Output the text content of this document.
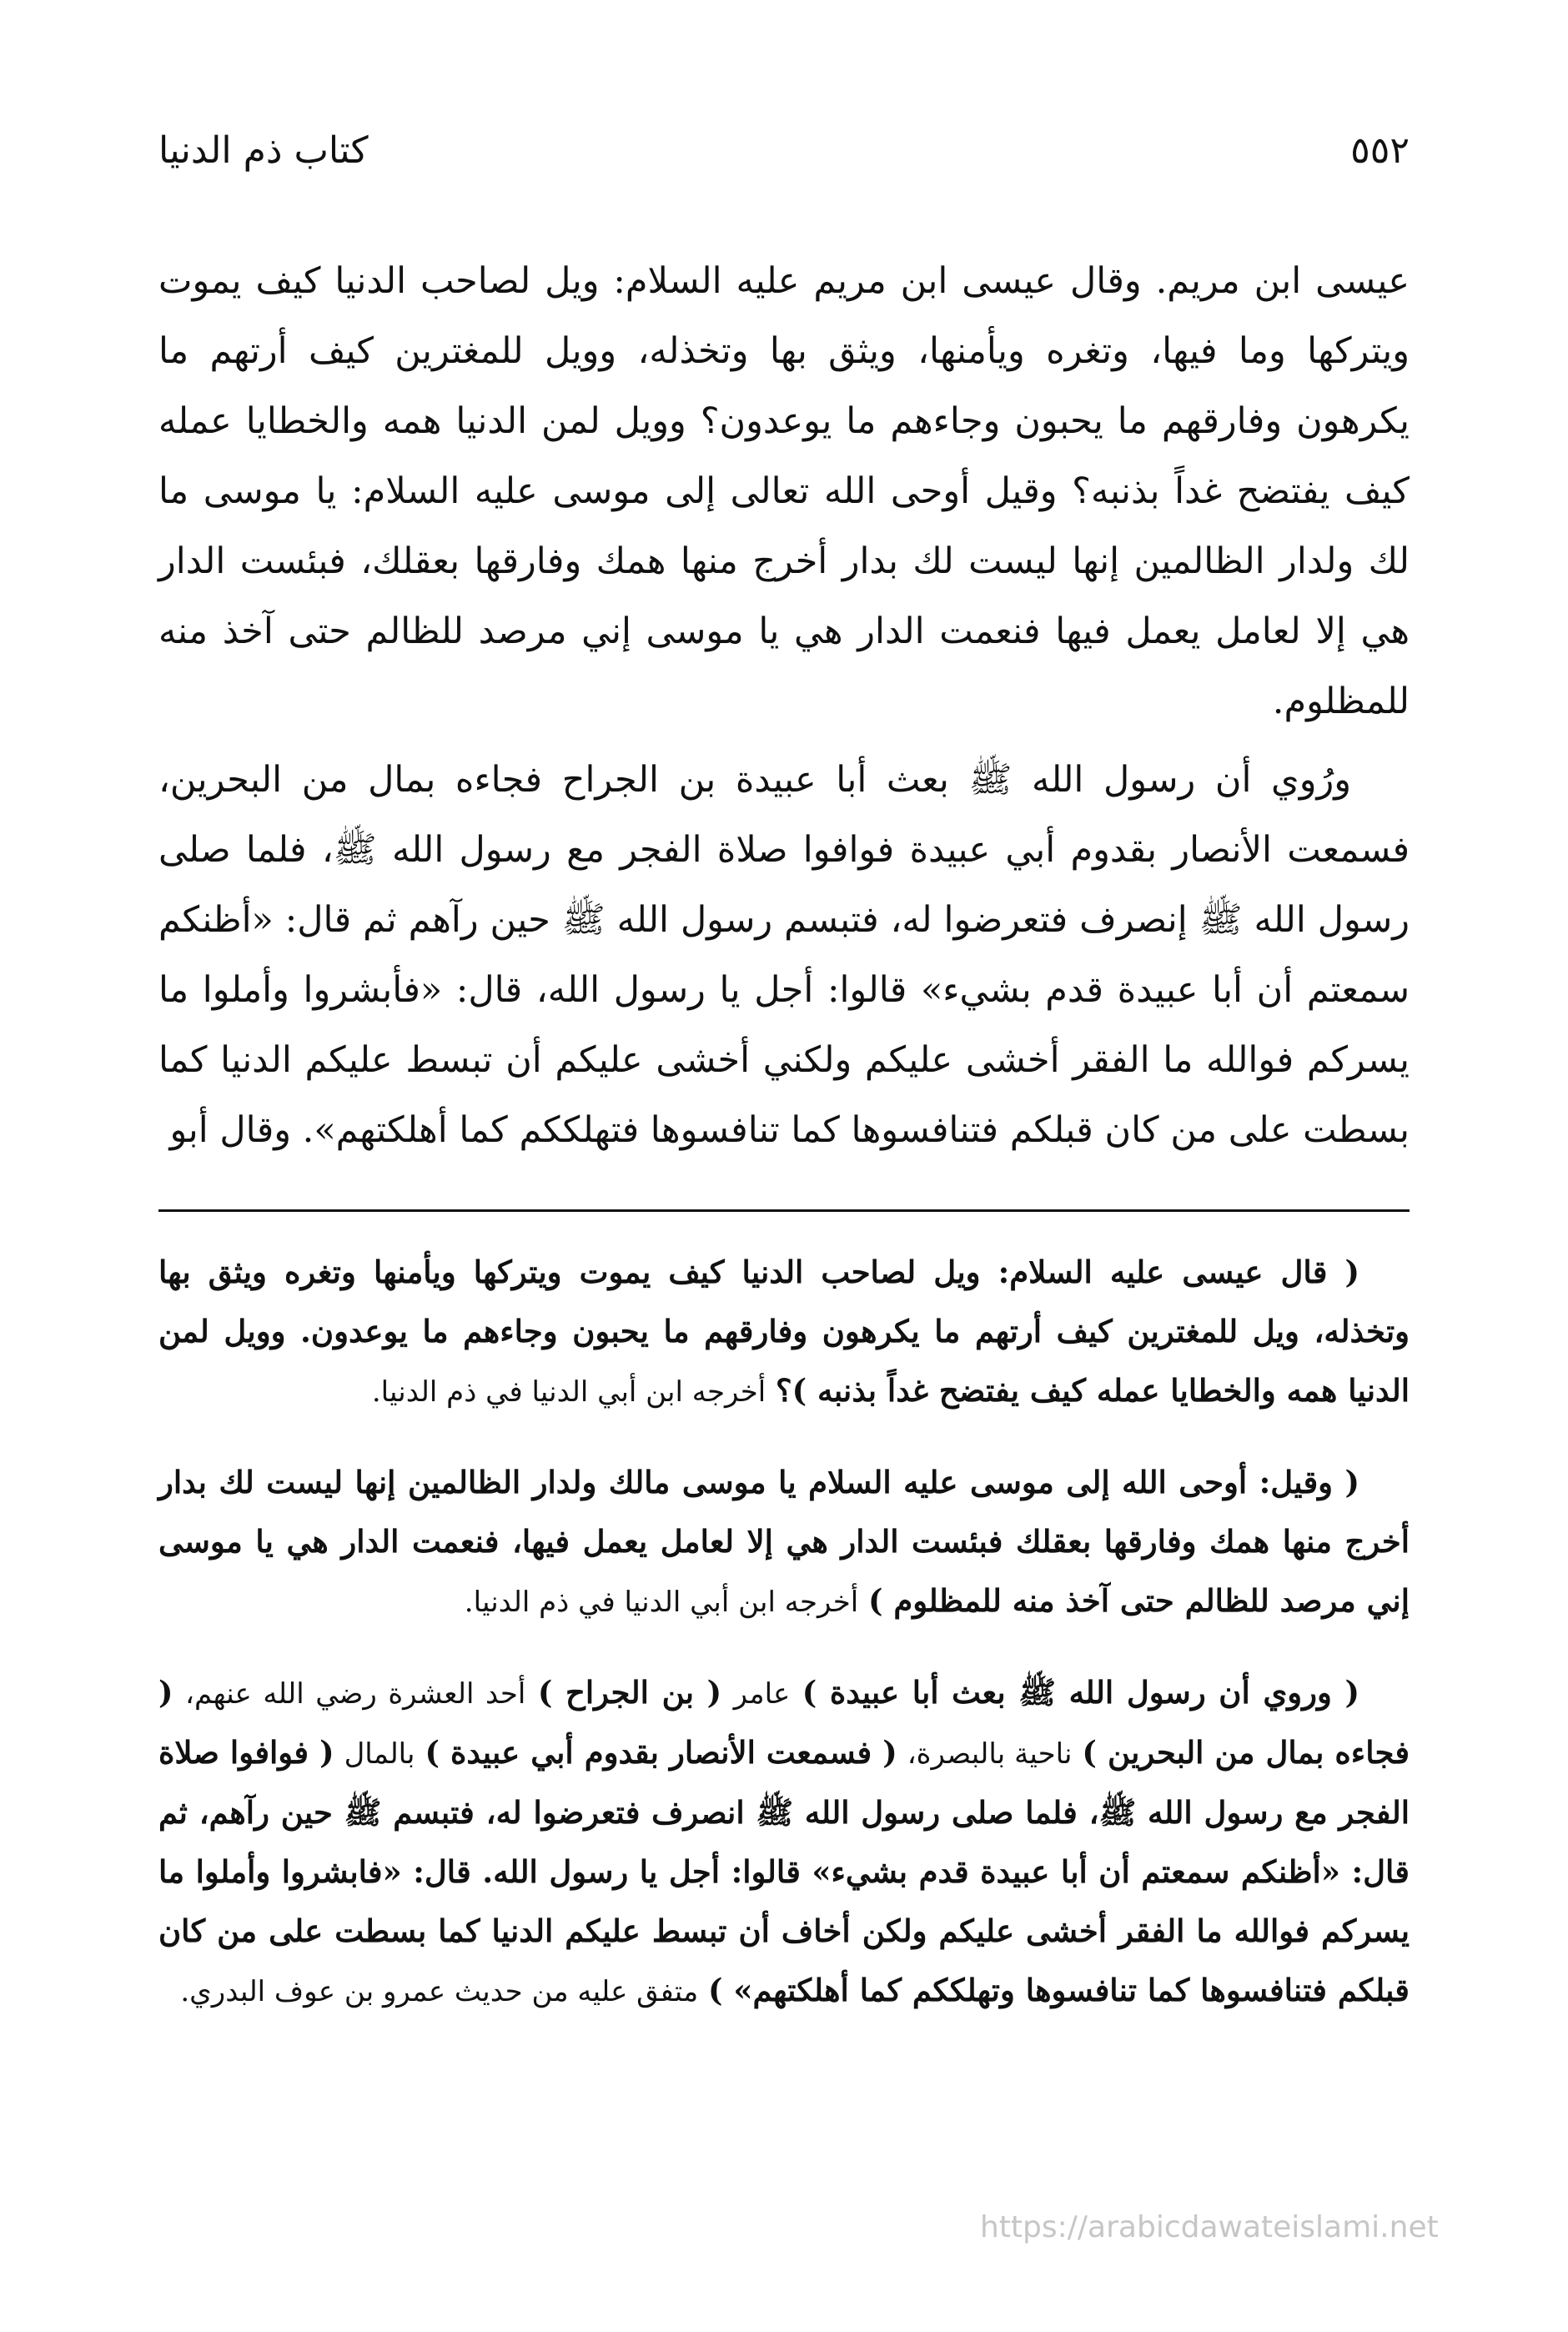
٥٥٢
كتاب ذم الدنيا

عيسى ابن مريم. وقال عيسى ابن مريم عليه السلام: ويل لصاحب الدنيا كيف يموت ويتركها وما فيها، وتغره ويأمنها، ويثق بها وتخذله، وويل للمغترين كيف أرتهم ما يكرهون وفارقهم ما يحبون وجاءهم ما يوعدون؟ وويل لمن الدنيا همه والخطايا عمله كيف يفتضح غداً بذنبه؟ وقيل أوحى الله تعالى إلى موسى عليه السلام: يا موسى ما لك ولدار الظالمين إنها ليست لك بدار أخرج منها همك وفارقها بعقلك، فبئست الدار هي إلا لعامل يعمل فيها فنعمت الدار هي يا موسى إني مرصد للظالم حتى آخذ منه للمظلوم.

ورُوي أن رسول الله ﷺ بعث أبا عبيدة بن الجراح فجاءه بمال من البحرين، فسمعت الأنصار بقدوم أبي عبيدة فوافوا صلاة الفجر مع رسول الله ﷺ، فلما صلى رسول الله ﷺ إنصرف فتعرضوا له، فتبسم رسول الله ﷺ حين رآهم ثم قال: «أظنكم سمعتم أن أبا عبيدة قدم بشيء» قالوا: أجل يا رسول الله، قال: «فأبشروا وأملوا ما يسركم فوالله ما الفقر أخشى عليكم ولكني أخشى عليكم أن تبسط عليكم الدنيا كما بسطت على من كان قبلكم فتنافسوها كما تنافسوها فتهلككم كما أهلكتهم». وقال أبو

( قال عيسى عليه السلام: ويل لصاحب الدنيا كيف يموت ويتركها ويأمنها وتغره ويثق بها وتخذله، ويل للمغترين كيف أرتهم ما يكرهون وفارقهم ما يحبون وجاءهم ما يوعدون. وويل لمن الدنيا همه والخطايا عمله كيف يفتضح غداً بذنبه )؟ أخرجه ابن أبي الدنيا في ذم الدنيا.

( وقيل: أوحى الله إلى موسى عليه السلام يا موسى مالك ولدار الظالمين إنها ليست لك بدار أخرج منها همك وفارقها بعقلك فبئست الدار هي إلا لعامل يعمل فيها، فنعمت الدار هي يا موسى إني مرصد للظالم حتى آخذ منه للمظلوم ) أخرجه ابن أبي الدنيا في ذم الدنيا.

( وروي أن رسول الله ﷺ بعث أبا عبيدة ) عامر ( بن الجراح ) أحد العشرة رضي الله عنهم، ( فجاءه بمال من البحرين ) ناحية بالبصرة، ( فسمعت الأنصار بقدوم أبي عبيدة ) بالمال ( فوافوا صلاة الفجر مع رسول الله ﷺ، فلما صلى رسول الله ﷺ انصرف فتعرضوا له، فتبسم ﷺ حين رآهم، ثم قال: «أظنكم سمعتم أن أبا عبيدة قدم بشيء» قالوا: أجل يا رسول الله. قال: «فابشروا وأملوا ما يسركم فوالله ما الفقر أخشى عليكم ولكن أخاف أن تبسط عليكم الدنيا كما بسطت على من كان قبلكم فتنافسوها كما تنافسوها وتهلككم كما أهلكتهم» ) متفق عليه من حديث عمرو بن عوف البدري.

https://arabicdawateislami.net
